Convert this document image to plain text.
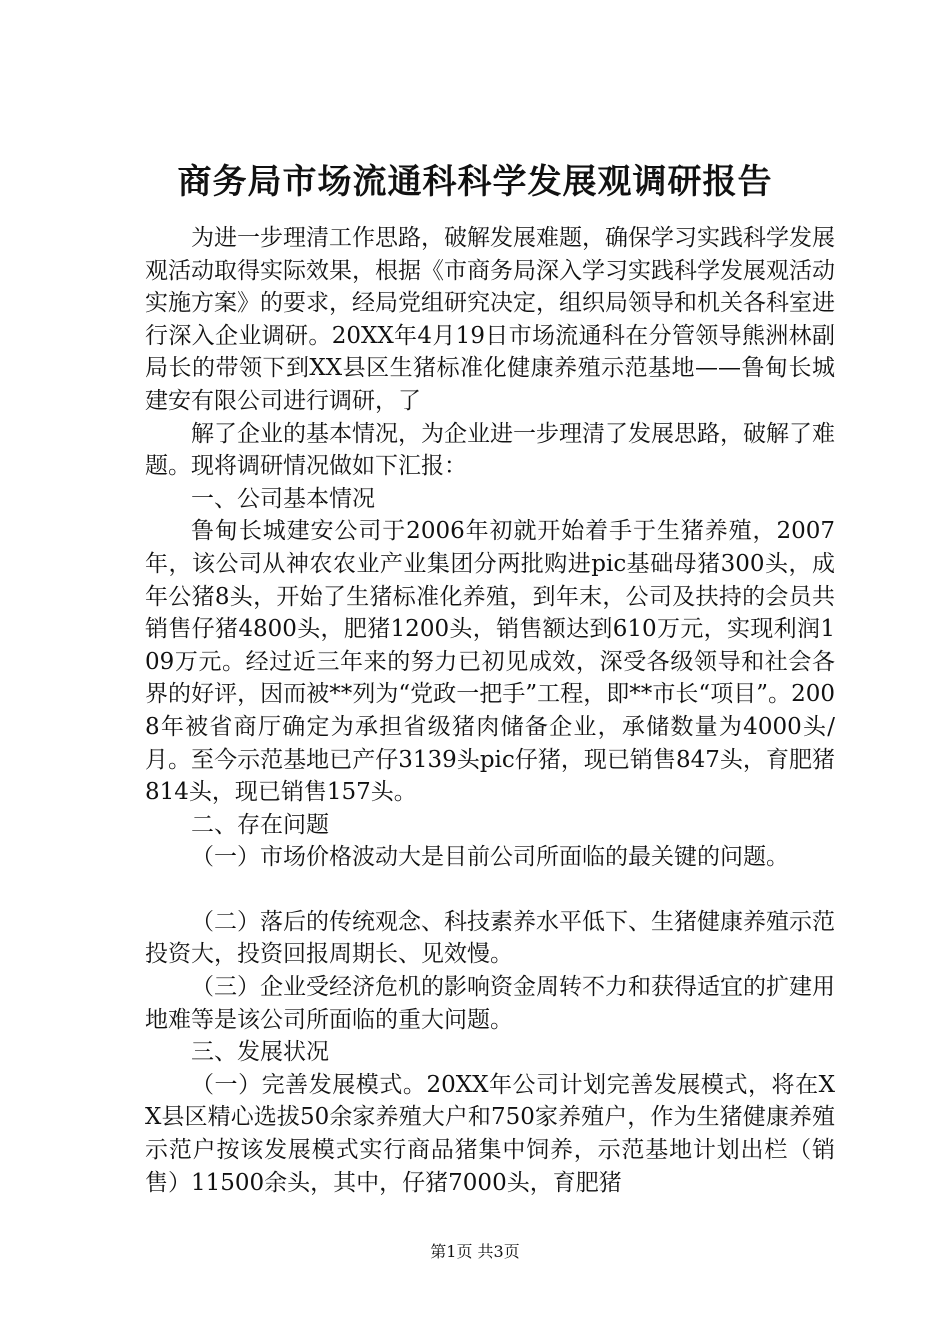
商务局市场流通科科学发展观调研报告

为进一步理清工作思路，破解发展难题，确保学习实践科学发展观活动取得实际效果，根据《市商务局深入学习实践科学发展观活动实施方案》的要求，经局党组研究决定，组织局领导和机关各科室进行深入企业调研。20XX年4月19日市场流通科在分管领导熊洲林副局长的带领下到XX县区生猪标准化健康养殖示范基地——鲁甸长城建安有限公司进行调研，了

解了企业的基本情况，为企业进一步理清了发展思路，破解了难题。现将调研情况做如下汇报：

一、公司基本情况

鲁甸长城建安公司于2006年初就开始着手于生猪养殖，2007年，该公司从神农农业产业集团分两批购进pic基础母猪300头，成年公猪8头，开始了生猪标准化养殖，到年末，公司及扶持的会员共销售仔猪4800头，肥猪1200头，销售额达到610万元，实现利润109万元。经过近三年来的努力已初见成效，深受各级领导和社会各界的好评，因而被**列为“党政一把手”工程，即**市长“项目”。2008年被省商厅确定为承担省级猪肉储备企业，承储数量为4000头/月。至今示范基地已产仔3139头pic仔猪，现已销售847头，育肥猪814头，现已销售157头。

二、存在问题

（一）市场价格波动大是目前公司所面临的最关键的问题。

（二）落后的传统观念、科技素养水平低下、生猪健康养殖示范投资大，投资回报周期长、见效慢。

（三）企业受经济危机的影响资金周转不力和获得适宜的扩建用地难等是该公司所面临的重大问题。

三、发展状况

（一）完善发展模式。20XX年公司计划完善发展模式，将在XX县区精心选拔50余家养殖大户和750家养殖户，作为生猪健康养殖示范户按该发展模式实行商品猪集中饲养，示范基地计划出栏（销售）11500余头，其中，仔猪7000头，育肥猪

第1页 共3页
